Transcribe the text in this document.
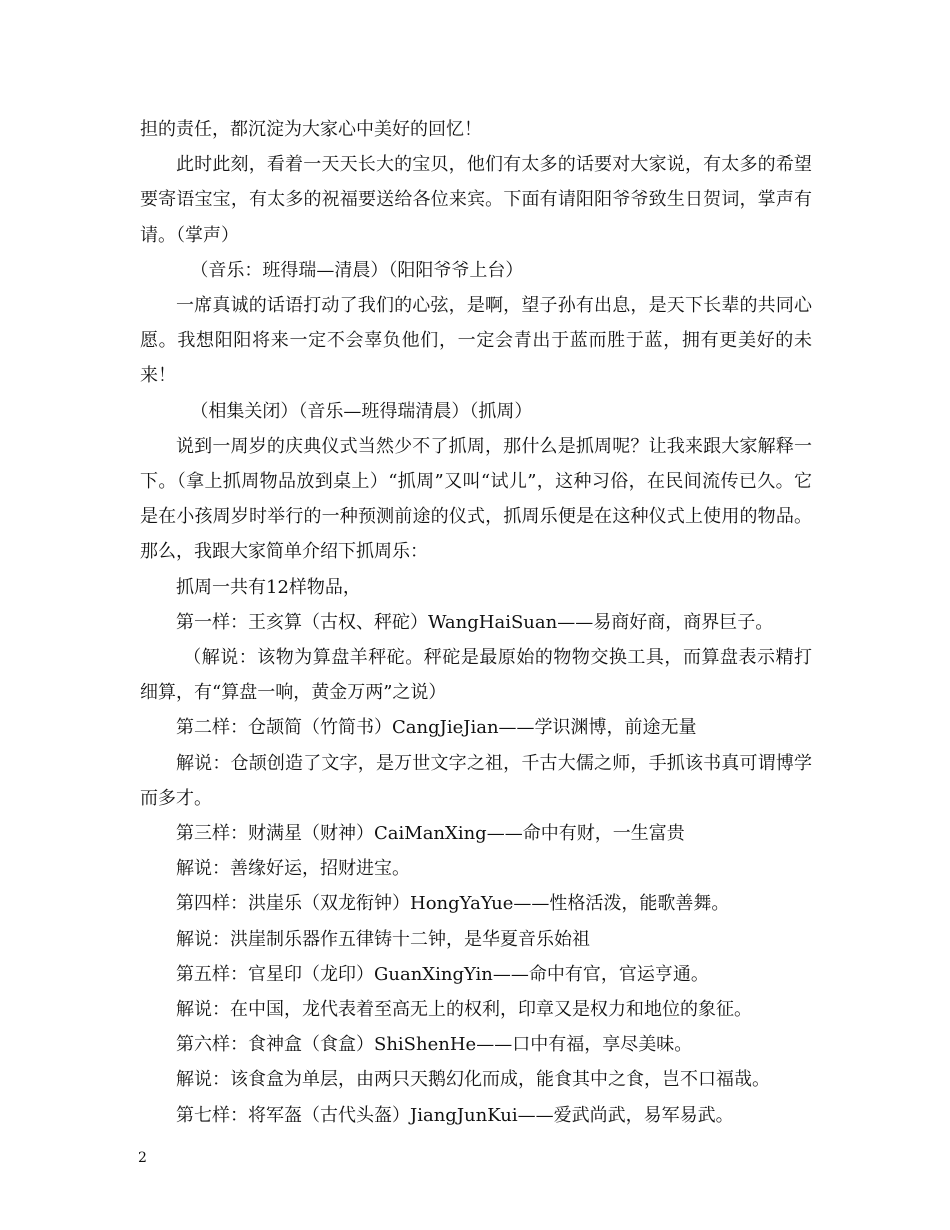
担的责任，都沉淀为大家心中美好的回忆！

此时此刻，看着一天天长大的宝贝，他们有太多的话要对大家说，有太多的希望要寄语宝宝，有太多的祝福要送给各位来宾。下面有请阳阳爷爷致生日贺词，掌声有请。（掌声）

（音乐：班得瑞—清晨）（阳阳爷爷上台）

一席真诚的话语打动了我们的心弦，是啊，望子孙有出息，是天下长辈的共同心愿。我想阳阳将来一定不会辜负他们，一定会青出于蓝而胜于蓝，拥有更美好的未来！

（相集关闭）（音乐—班得瑞清晨）（抓周）

说到一周岁的庆典仪式当然少不了抓周，那什么是抓周呢？让我来跟大家解释一下。（拿上抓周物品放到桌上）“抓周”又叫“试儿”，这种习俗，在民间流传已久。它是在小孩周岁时举行的一种预测前途的仪式，抓周乐便是在这种仪式上使用的物品。那么，我跟大家简单介绍下抓周乐：

抓周一共有12样物品，

第一样：王亥算（古权、秤砣）WangHaiSuan——易商好商，商界巨子。

（解说：该物为算盘羊秤砣。秤砣是最原始的物物交换工具，而算盘表示精打细算，有“算盘一响，黄金万两”之说）

第二样：仓颉简（竹简书）CangJieJian——学识渊博，前途无量

解说：仓颉创造了文字，是万世文字之祖，千古大儒之师，手抓该书真可谓博学而多才。

第三样：财满星（财神）CaiManXing——命中有财，一生富贵

解说：善缘好运，招财进宝。

第四样：洪崖乐（双龙衔钟）HongYaYue——性格活泼，能歌善舞。

解说：洪崖制乐器作五律铸十二钟，是华夏音乐始祖

第五样：官星印（龙印）GuanXingYin——命中有官，官运亨通。

解说：在中国，龙代表着至高无上的权利，印章又是权力和地位的象征。

第六样：食神盒（食盒）ShiShenHe——口中有福，享尽美味。

解说：该食盒为单层，由两只天鹅幻化而成，能食其中之食，岂不口福哉。

第七样：将军盔（古代头盔）JiangJunKui——爱武尚武，易军易武。

2
